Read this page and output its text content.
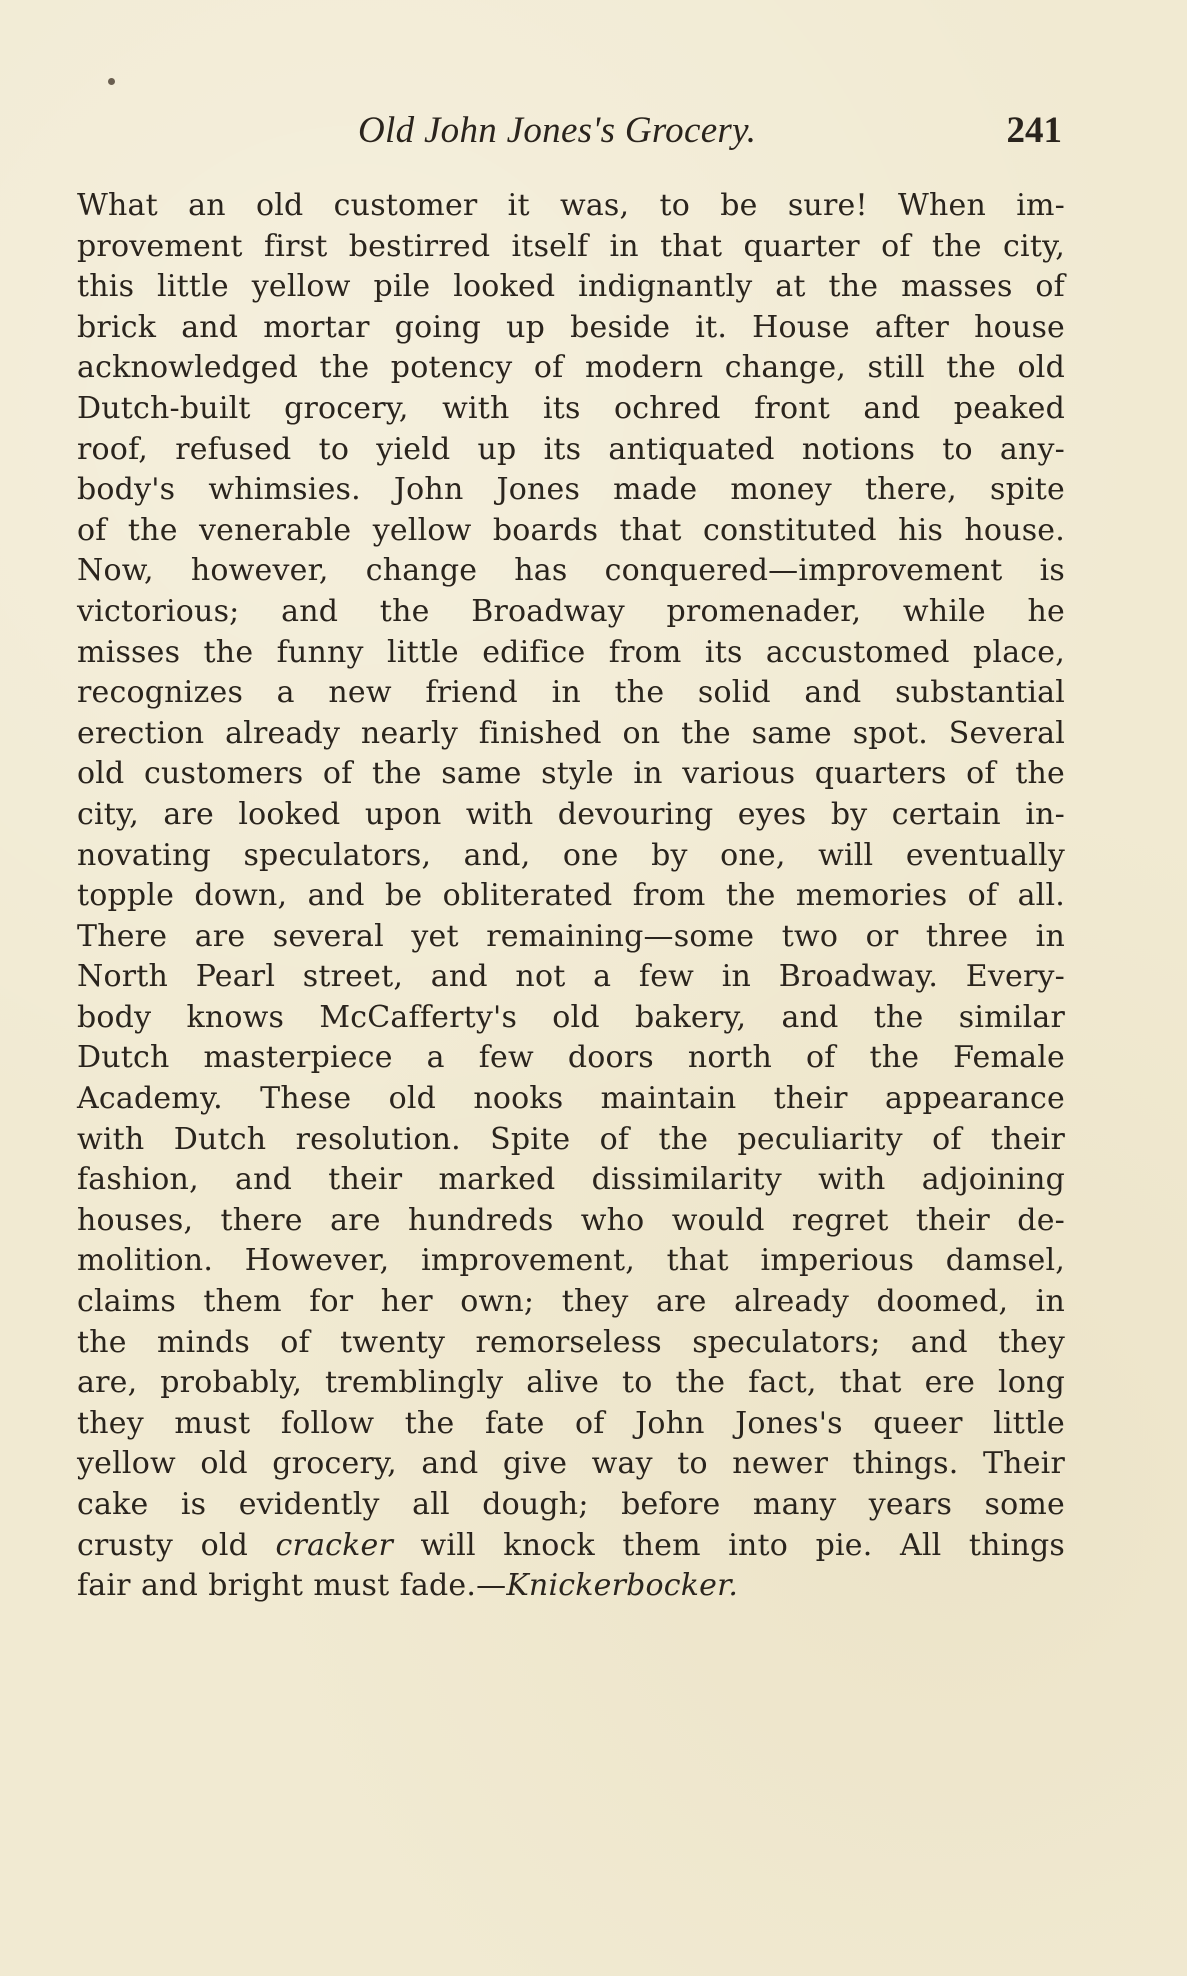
Old John Jones's Grocery.	241
What an old customer it was, to be sure! When im-
provement first bestirred itself in that quarter of the city,
this little yellow pile looked indignantly at the masses of
brick and mortar going up beside it. House after house
acknowledged the potency of modern change, still the old
Dutch-built grocery, with its ochred front and peaked
roof, refused to yield up its antiquated notions to any-
body's whimsies. John Jones made money there, spite
of the venerable yellow boards that constituted his house.
Now, however, change has conquered—improvement is
victorious; and the Broadway promenader, while he
misses the funny little edifice from its accustomed place,
recognizes a new friend in the solid and substantial
erection already nearly finished on the same spot. Several
old customers of the same style in various quarters of the
city, are looked upon with devouring eyes by certain in-
novating speculators, and, one by one, will eventually
topple down, and be obliterated from the memories of all.
There are several yet remaining—some two or three in
North Pearl street, and not a few in Broadway. Every-
body knows McCafferty's old bakery, and the similar
Dutch masterpiece a few doors north of the Female
Academy. These old nooks maintain their appearance
with Dutch resolution. Spite of the peculiarity of their
fashion, and their marked dissimilarity with adjoining
houses, there are hundreds who would regret their de-
molition. However, improvement, that imperious damsel,
claims them for her own; they are already doomed, in
the minds of twenty remorseless speculators; and they
are, probably, tremblingly alive to the fact, that ere long
they must follow the fate of John Jones's queer little
yellow old grocery, and give way to newer things. Their
cake is evidently all dough; before many years some
crusty old cracker will knock them into pie. All things
fair and bright must fade.—Knickerbocker.
